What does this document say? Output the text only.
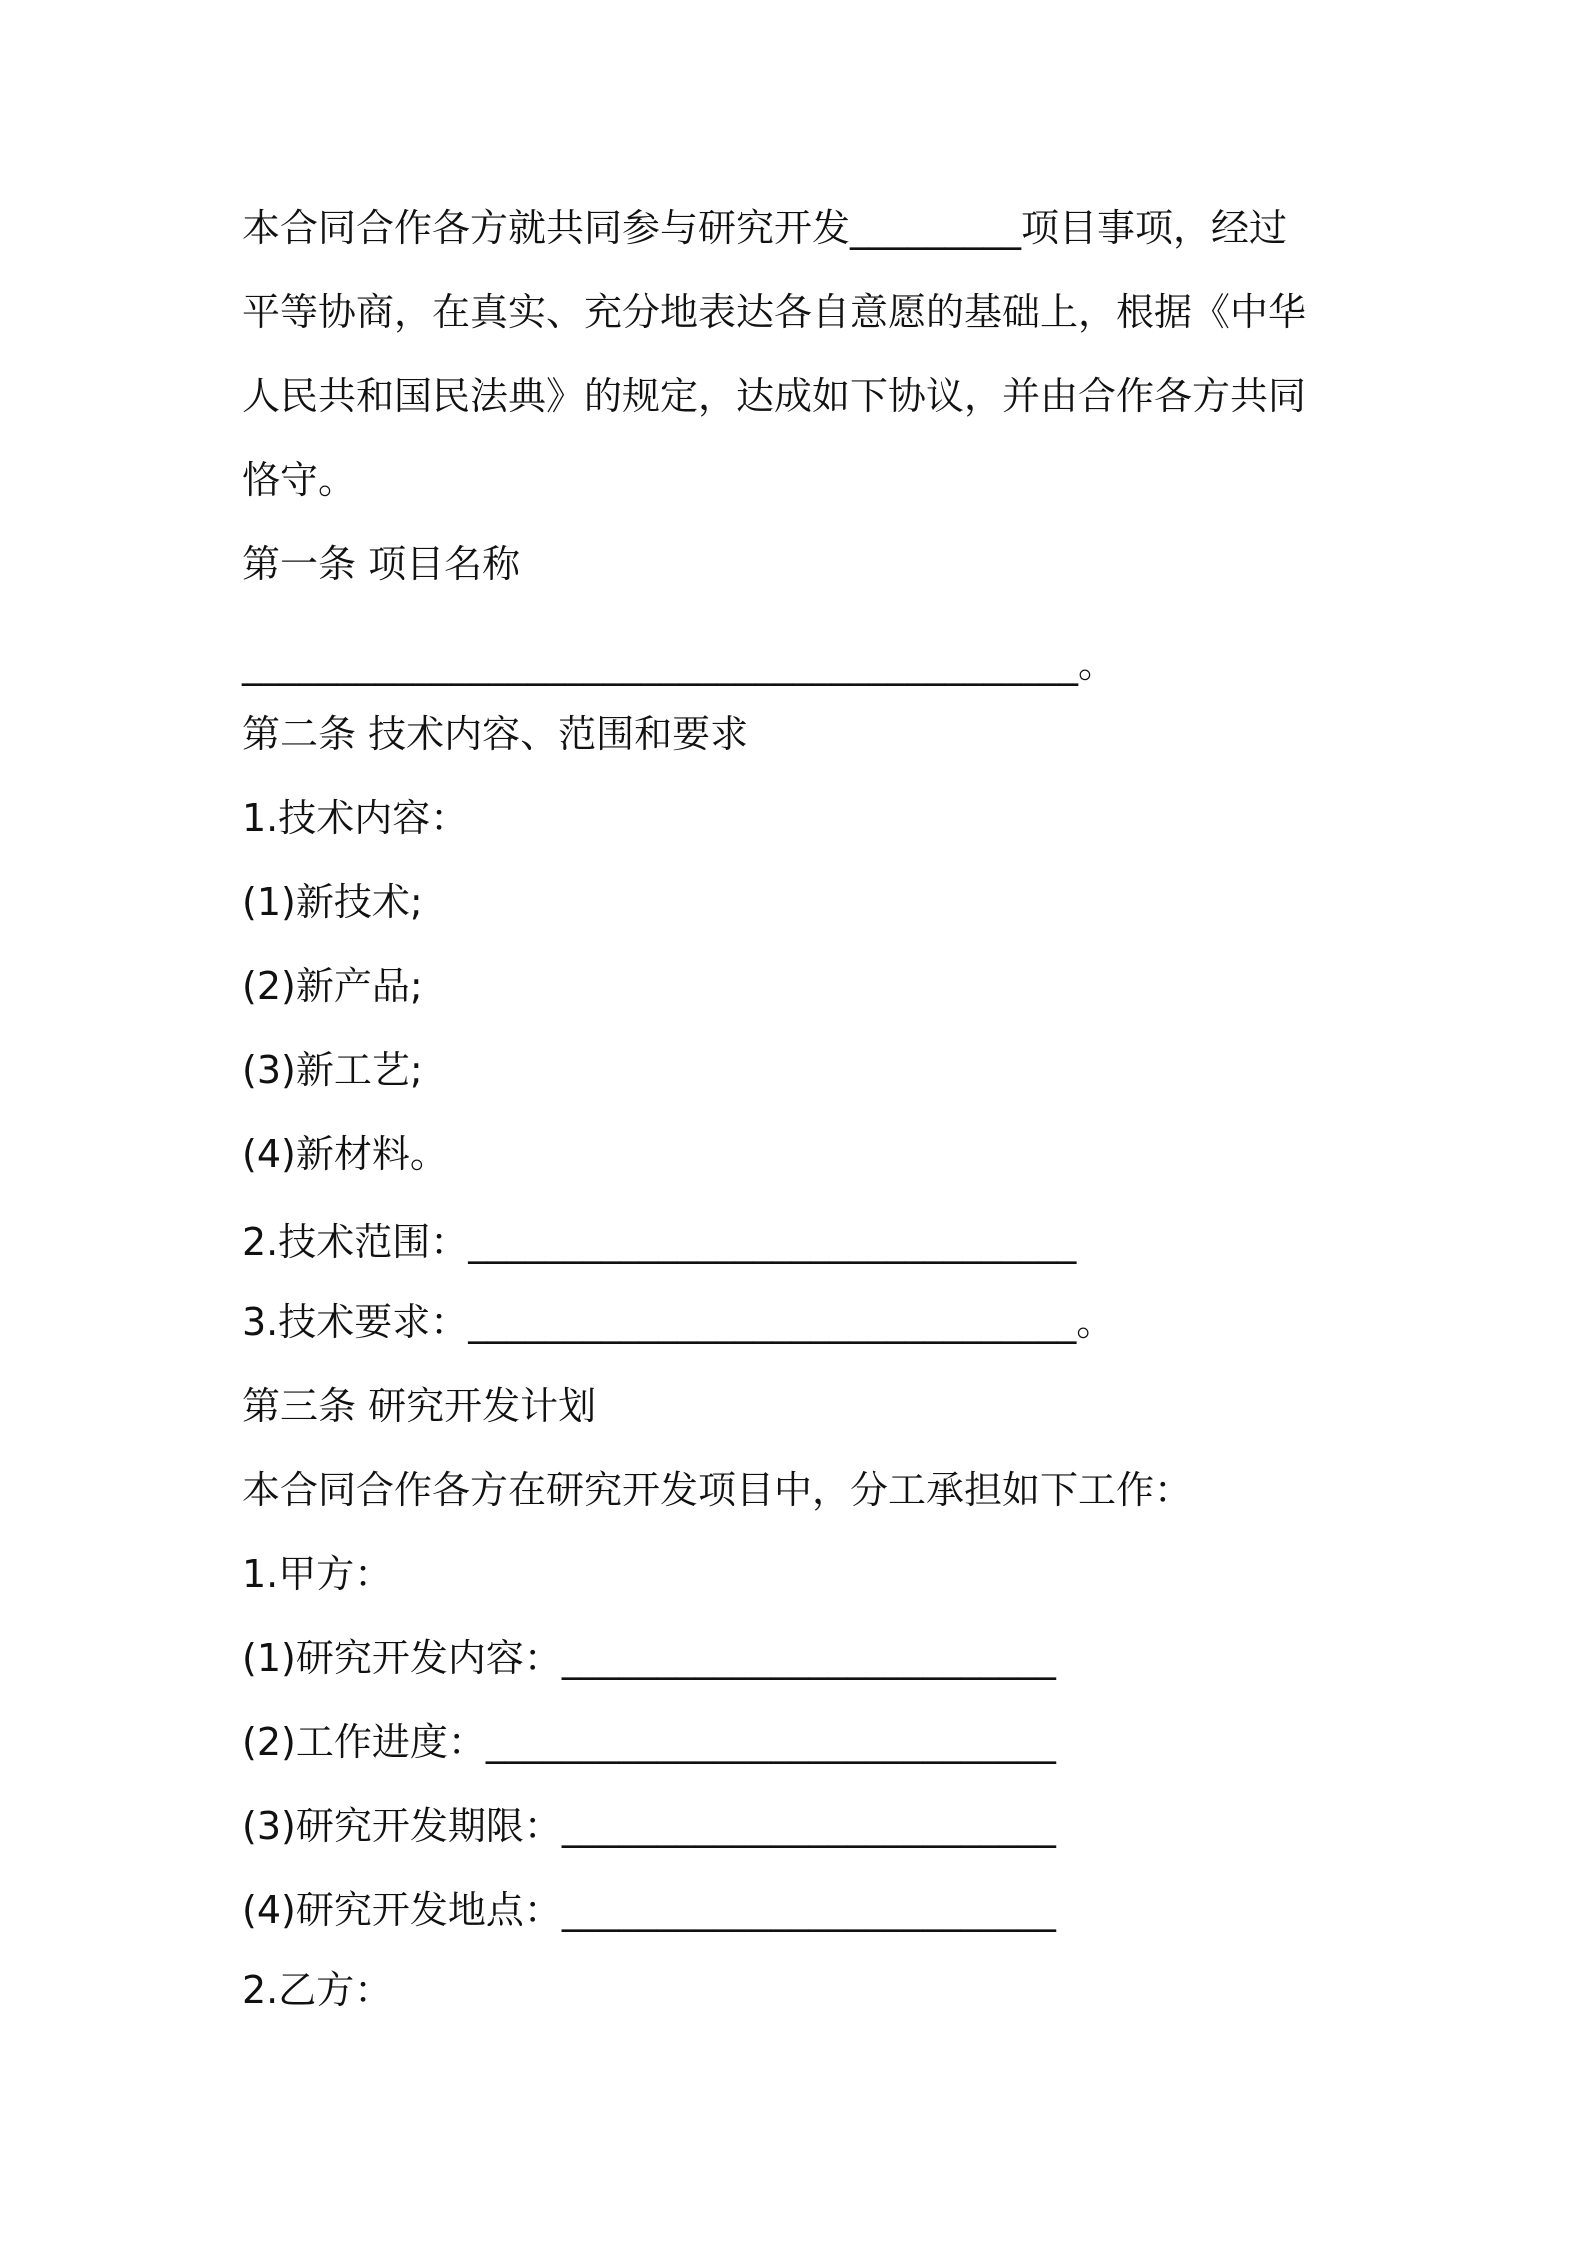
本合同合作各方就共同参与研究开发_________项目事项，经过

平等协商，在真实、充分地表达各自意愿的基础上，根据《中华

人民共和国民法典》的规定，达成如下协议，并由合作各方共同

恪守。

第一条 项目名称

____________________________________________。

第二条 技术内容、范围和要求

1.技术内容：

(1)新技术;

(2)新产品;

(3)新工艺;

(4)新材料。

2.技术范围：________________________________

3.技术要求：________________________________。

第三条 研究开发计划

本合同合作各方在研究开发项目中，分工承担如下工作：

1.甲方：

(1)研究开发内容：__________________________

(2)工作进度：______________________________

(3)研究开发期限：__________________________

(4)研究开发地点：__________________________

2.乙方：
